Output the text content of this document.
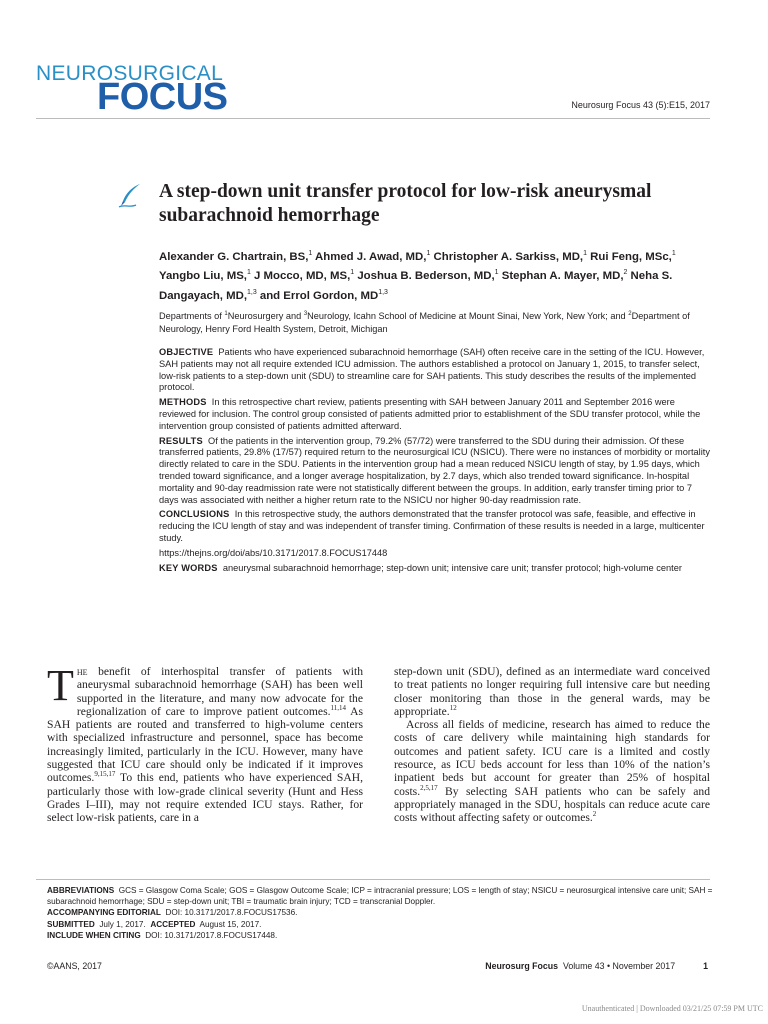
NEUROSURGICAL
FOCUS	Neurosurg Focus 43 (5):E15, 2017
A step-down unit transfer protocol for low-risk aneurysmal subarachnoid hemorrhage
Alexander G. Chartrain, BS,$^1$ Ahmed J. Awad, MD,$^1$ Christopher A. Sarkiss, MD,$^1$ Rui Feng, MSc,$^1$ Yangbo Liu, MS,$^1$ J Mocco, MD, MS,$^1$ Joshua B. Bederson, MD,$^1$ Stephan A. Mayer, MD,$^2$ Neha S. Dangayach, MD,$^{1,3}$ and Errol Gordon, MD$^{1,3}$
Departments of $^1$Neurosurgery and $^3$Neurology, Icahn School of Medicine at Mount Sinai, New York, New York; and $^2$Department of Neurology, Henry Ford Health System, Detroit, Michigan

OBJECTIVE Patients who have experienced subarachnoid hemorrhage (SAH) often receive care in the setting of the ICU. However, SAH patients may not all require extended ICU admission. The authors established a protocol on January 1, 2015, to transfer select, low-risk patients to a step-down unit (SDU) to streamline care for SAH patients. This study describes the results of the implemented protocol.

METHODS In this retrospective chart review, patients presenting with SAH between January 2011 and September 2016 were reviewed for inclusion. The control group consisted of patients admitted prior to establishment of the SDU transfer protocol, while the intervention group consisted of patients admitted afterward.

RESULTS Of the patients in the intervention group, 79.2% (57/72) were transferred to the SDU during their admission. Of these transferred patients, 29.8% (17/57) required return to the neurosurgical ICU (NSICU). There were no instances of morbidity or mortality directly related to care in the SDU. Patients in the intervention group had a mean reduced NSICU length of stay, by 1.95 days, which trended toward significance, and a longer average hospitalization, by 2.7 days, which also trended toward significance. In-hospital mortality and 90-day readmission rate were not statistically different between the groups. In addition, early transfer timing prior to 7 days was associated with neither a higher return rate to the NSICU nor higher 90-day readmission rate.

CONCLUSIONS In this retrospective study, the authors demonstrated that the transfer protocol was safe, feasible, and effective in reducing the ICU length of stay and was independent of transfer timing. Confirmation of these results is needed in a large, multicenter study.

https://thejns.org/doi/abs/10.3171/2017.8.FOCUS17448

KEY WORDS aneurysmal subarachnoid hemorrhage; step-down unit; intensive care unit; transfer protocol; high-volume center

The benefit of interhospital transfer of patients with aneurysmal subarachnoid hemorrhage (SAH) has been well supported in the literature, and many now advocate for the regionalization of care to improve patient outcomes.$^{11,14}$ As SAH patients are routed and transferred to high-volume centers with specialized infrastructure and personnel, space has become increasingly limited, particularly in the ICU. However, many have suggested that ICU care should only be indicated if it improves outcomes.$^{9,15,17}$ To this end, patients who have experienced SAH, particularly those with low-grade clinical severity (Hunt and Hess Grades I–III), may not require extended ICU stays. Rather, for select low-risk patients, care in a

step-down unit (SDU), defined as an intermediate ward conceived to treat patients no longer requiring full intensive care but needing closer monitoring than those in the general wards, may be appropriate.$^{12}$

Across all fields of medicine, research has aimed to reduce the costs of care delivery while maintaining high standards for outcomes and patient safety. ICU care is a limited and costly resource, as ICU beds account for less than 10% of the nation’s inpatient beds but account for greater than 25% of hospital costs.$^{2,5,17}$ By selecting SAH patients who can be safely and appropriately managed in the SDU, hospitals can reduce acute care costs without affecting safety or outcomes.$^2$

ABBREVIATIONS GCS = Glasgow Coma Scale; GOS = Glasgow Outcome Scale; ICP = intracranial pressure; LOS = length of stay; NSICU = neurosurgical intensive care unit; SAH = subarachnoid hemorrhage; SDU = step-down unit; TBI = traumatic brain injury; TCD = transcranial Doppler.
ACCOMPANYING EDITORIAL DOI: 10.3171/2017.8.FOCUS17536.
SUBMITTED July 1, 2017. ACCEPTED August 15, 2017.
INCLUDE WHEN CITING DOI: 10.3171/2017.8.FOCUS17448.
©AANS, 2017	Neurosurg Focus Volume 43 • November 2017	1
Unauthenticated | Downloaded 03/21/25 07:59 PM UTC
